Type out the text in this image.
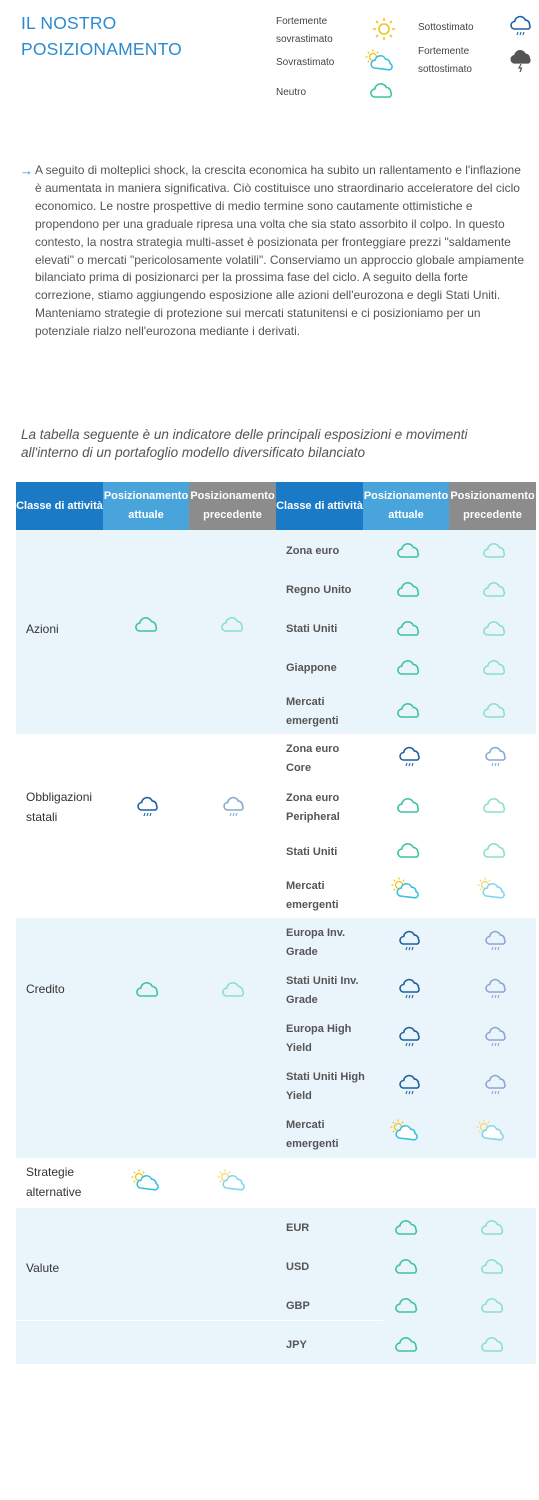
IL NOSTRO POSIZIONAMENTO
Fortemente sovrastimato
Sovrastimato
Neutro
Sottostimato
Fortemente sottostimato
→ A seguito di molteplici shock, la crescita economica ha subito un rallentamento e l'inflazione è aumentata in maniera significativa. Ciò costituisce uno straordinario acceleratore del ciclo economico. Le nostre prospettive di medio termine sono cautamente ottimistiche e propendono per una graduale ripresa una volta che sia stato assorbito il colpo. In questo contesto, la nostra strategia multi-asset è posizionata per fronteggiare prezzi "saldamente elevati" o mercati "pericolosamente volatili". Conserviamo un approccio globale ampiamente bilanciato prima di posizionarci per la prossima fase del ciclo. A seguito della forte correzione, stiamo aggiungendo esposizione alle azioni dell'eurozona e degli Stati Uniti. Manteniamo strategie di protezione sui mercati statunitensi e ci posizioniamo per un potenziale rialzo nell'eurozona mediante i derivati.

La tabella seguente è un indicatore delle principali esposizioni e movimenti all'interno di un portafoglio modello diversificato bilanciato
Classe di attività
Posizionamento attuale
Posizionamento precedente
Classe di attività
Posizionamento attuale
Posizionamento precedente
Azioni
Zona euro
Regno Unito
Stati Uniti
Giappone
Mercati emergenti
Obbligazioni statali
Zona euro Core
Zona euro Peripheral
Stati Uniti
Mercati emergenti
Credito
Europa Inv. Grade
Stati Uniti Inv. Grade
Europa High Yield
Stati Uniti High Yield
Mercati emergenti
Strategie alternative
Valute
EUR
USD
GBP
JPY
